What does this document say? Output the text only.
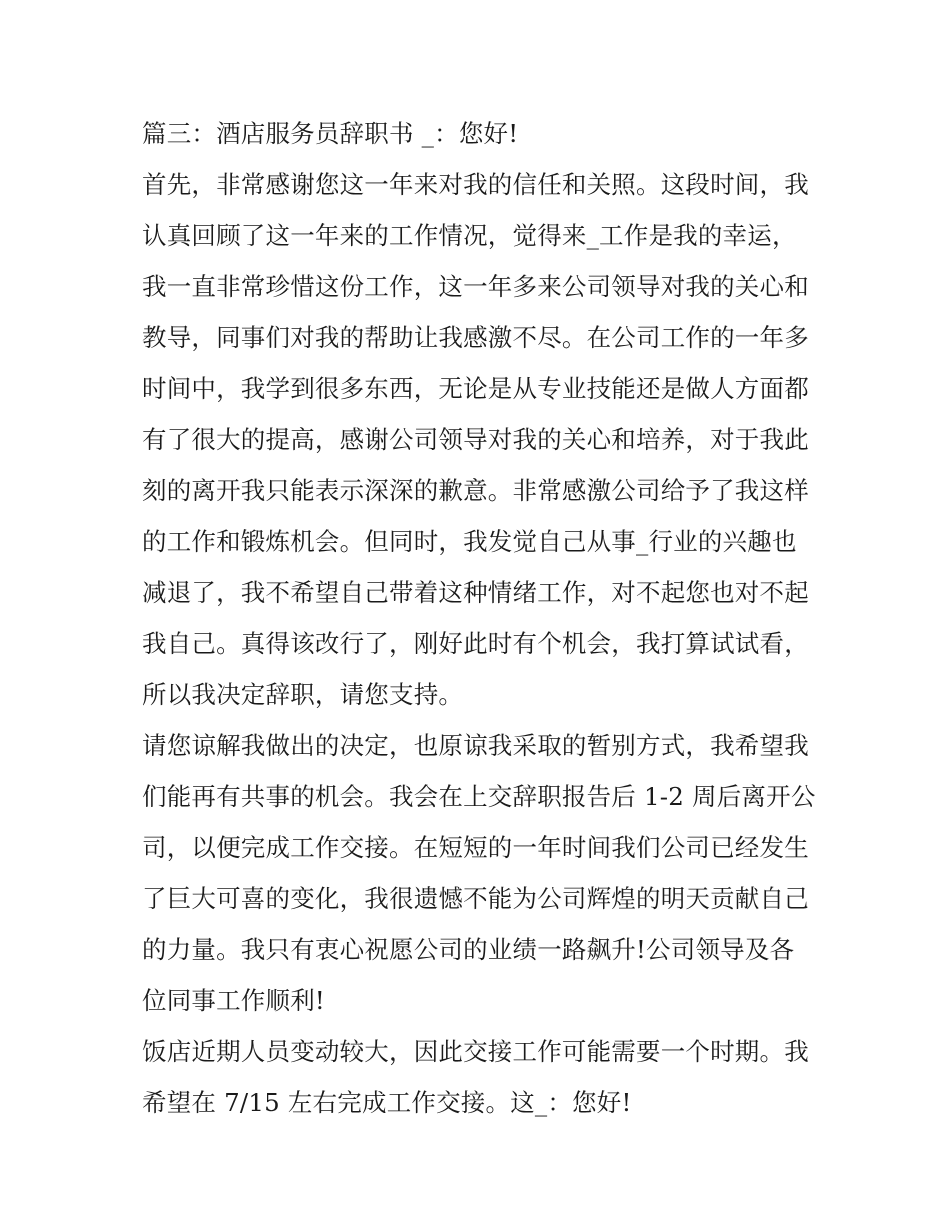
篇三：酒店服务员辞职书 _：您好!
首先，非常感谢您这一年来对我的信任和关照。这段时间，我
认真回顾了这一年来的工作情况，觉得来_工作是我的幸运，
我一直非常珍惜这份工作，这一年多来公司领导对我的关心和
教导，同事们对我的帮助让我感激不尽。在公司工作的一年多
时间中，我学到很多东西，无论是从专业技能还是做人方面都
有了很大的提高，感谢公司领导对我的关心和培养，对于我此
刻的离开我只能表示深深的歉意。非常感激公司给予了我这样
的工作和锻炼机会。但同时，我发觉自己从事_行业的兴趣也
减退了，我不希望自己带着这种情绪工作，对不起您也对不起
我自己。真得该改行了，刚好此时有个机会，我打算试试看，
所以我决定辞职，请您支持。
请您谅解我做出的决定，也原谅我采取的暂别方式，我希望我
们能再有共事的机会。我会在上交辞职报告后 1-2 周后离开公
司，以便完成工作交接。在短短的一年时间我们公司已经发生
了巨大可喜的变化，我很遗憾不能为公司辉煌的明天贡献自己
的力量。我只有衷心祝愿公司的业绩一路飙升!公司领导及各
位同事工作顺利!
饭店近期人员变动较大，因此交接工作可能需要一个时期。我
希望在 7/15 左右完成工作交接。这_：您好!
